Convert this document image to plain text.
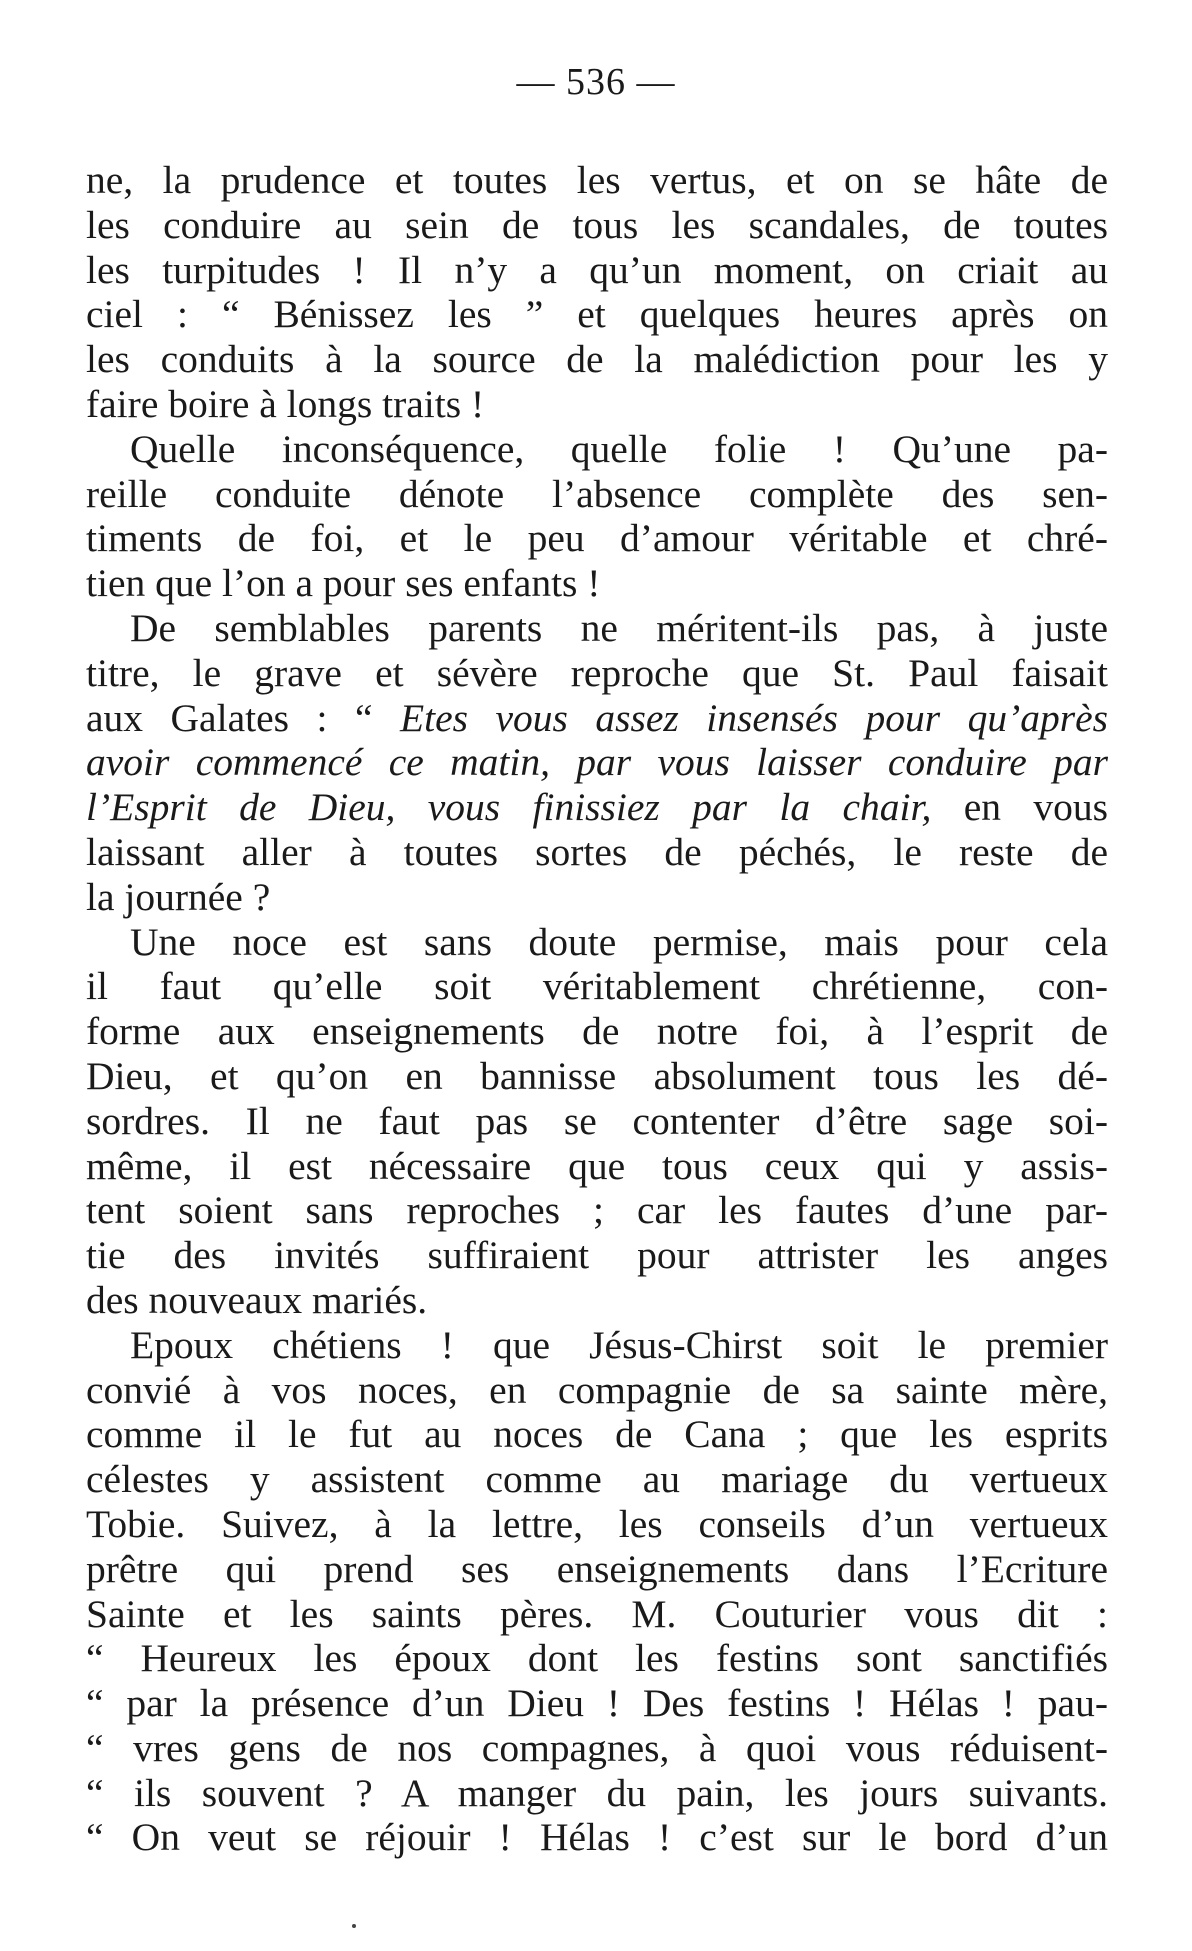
— 536 —
ne, la prudence et toutes les vertus, et on se hâte de
les conduire au sein de tous les scandales, de toutes
les turpitudes ! Il n’y a qu’un moment, on criait au
ciel : “ Bénissez les ” et quelques heures après on
les conduits à la source de la malédiction pour les y
faire boire à longs traits !
Quelle inconséquence, quelle folie ! Qu’une pa-
reille conduite dénote l’absence complète des sen-
timents de foi, et le peu d’amour véritable et chré-
tien que l’on a pour ses enfants !
De semblables parents ne méritent-ils pas, à juste
titre, le grave et sévère reproche que St. Paul faisait
aux Galates : “ Etes vous assez insensés pour qu’après
avoir commencé ce matin, par vous laisser conduire par
l’Esprit de Dieu, vous finissiez par la chair, en vous
laissant aller à toutes sortes de péchés, le reste de
la journée ?
Une noce est sans doute permise, mais pour cela
il faut qu’elle soit véritablement chrétienne, con-
forme aux enseignements de notre foi, à l’esprit de
Dieu, et qu’on en bannisse absolument tous les dé-
sordres. Il ne faut pas se contenter d’être sage soi-
même, il est nécessaire que tous ceux qui y assis-
tent soient sans reproches ; car les fautes d’une par-
tie des invités suffiraient pour attrister les anges
des nouveaux mariés.
Epoux chétiens ! que Jésus-Chirst soit le premier
convié à vos noces, en compagnie de sa sainte mère,
comme il le fut au noces de Cana ; que les esprits
célestes y assistent comme au mariage du vertueux
Tobie. Suivez, à la lettre, les conseils d’un vertueux
prêtre qui prend ses enseignements dans l’Ecriture
Sainte et les saints pères. M. Couturier vous dit :
“ Heureux les époux dont les festins sont sanctifiés
“ par la présence d’un Dieu ! Des festins ! Hélas ! pau-
“ vres gens de nos compagnes, à quoi vous réduisent-
“ ils souvent ? A manger du pain, les jours suivants.
“ On veut se réjouir ! Hélas ! c’est sur le bord d’un
